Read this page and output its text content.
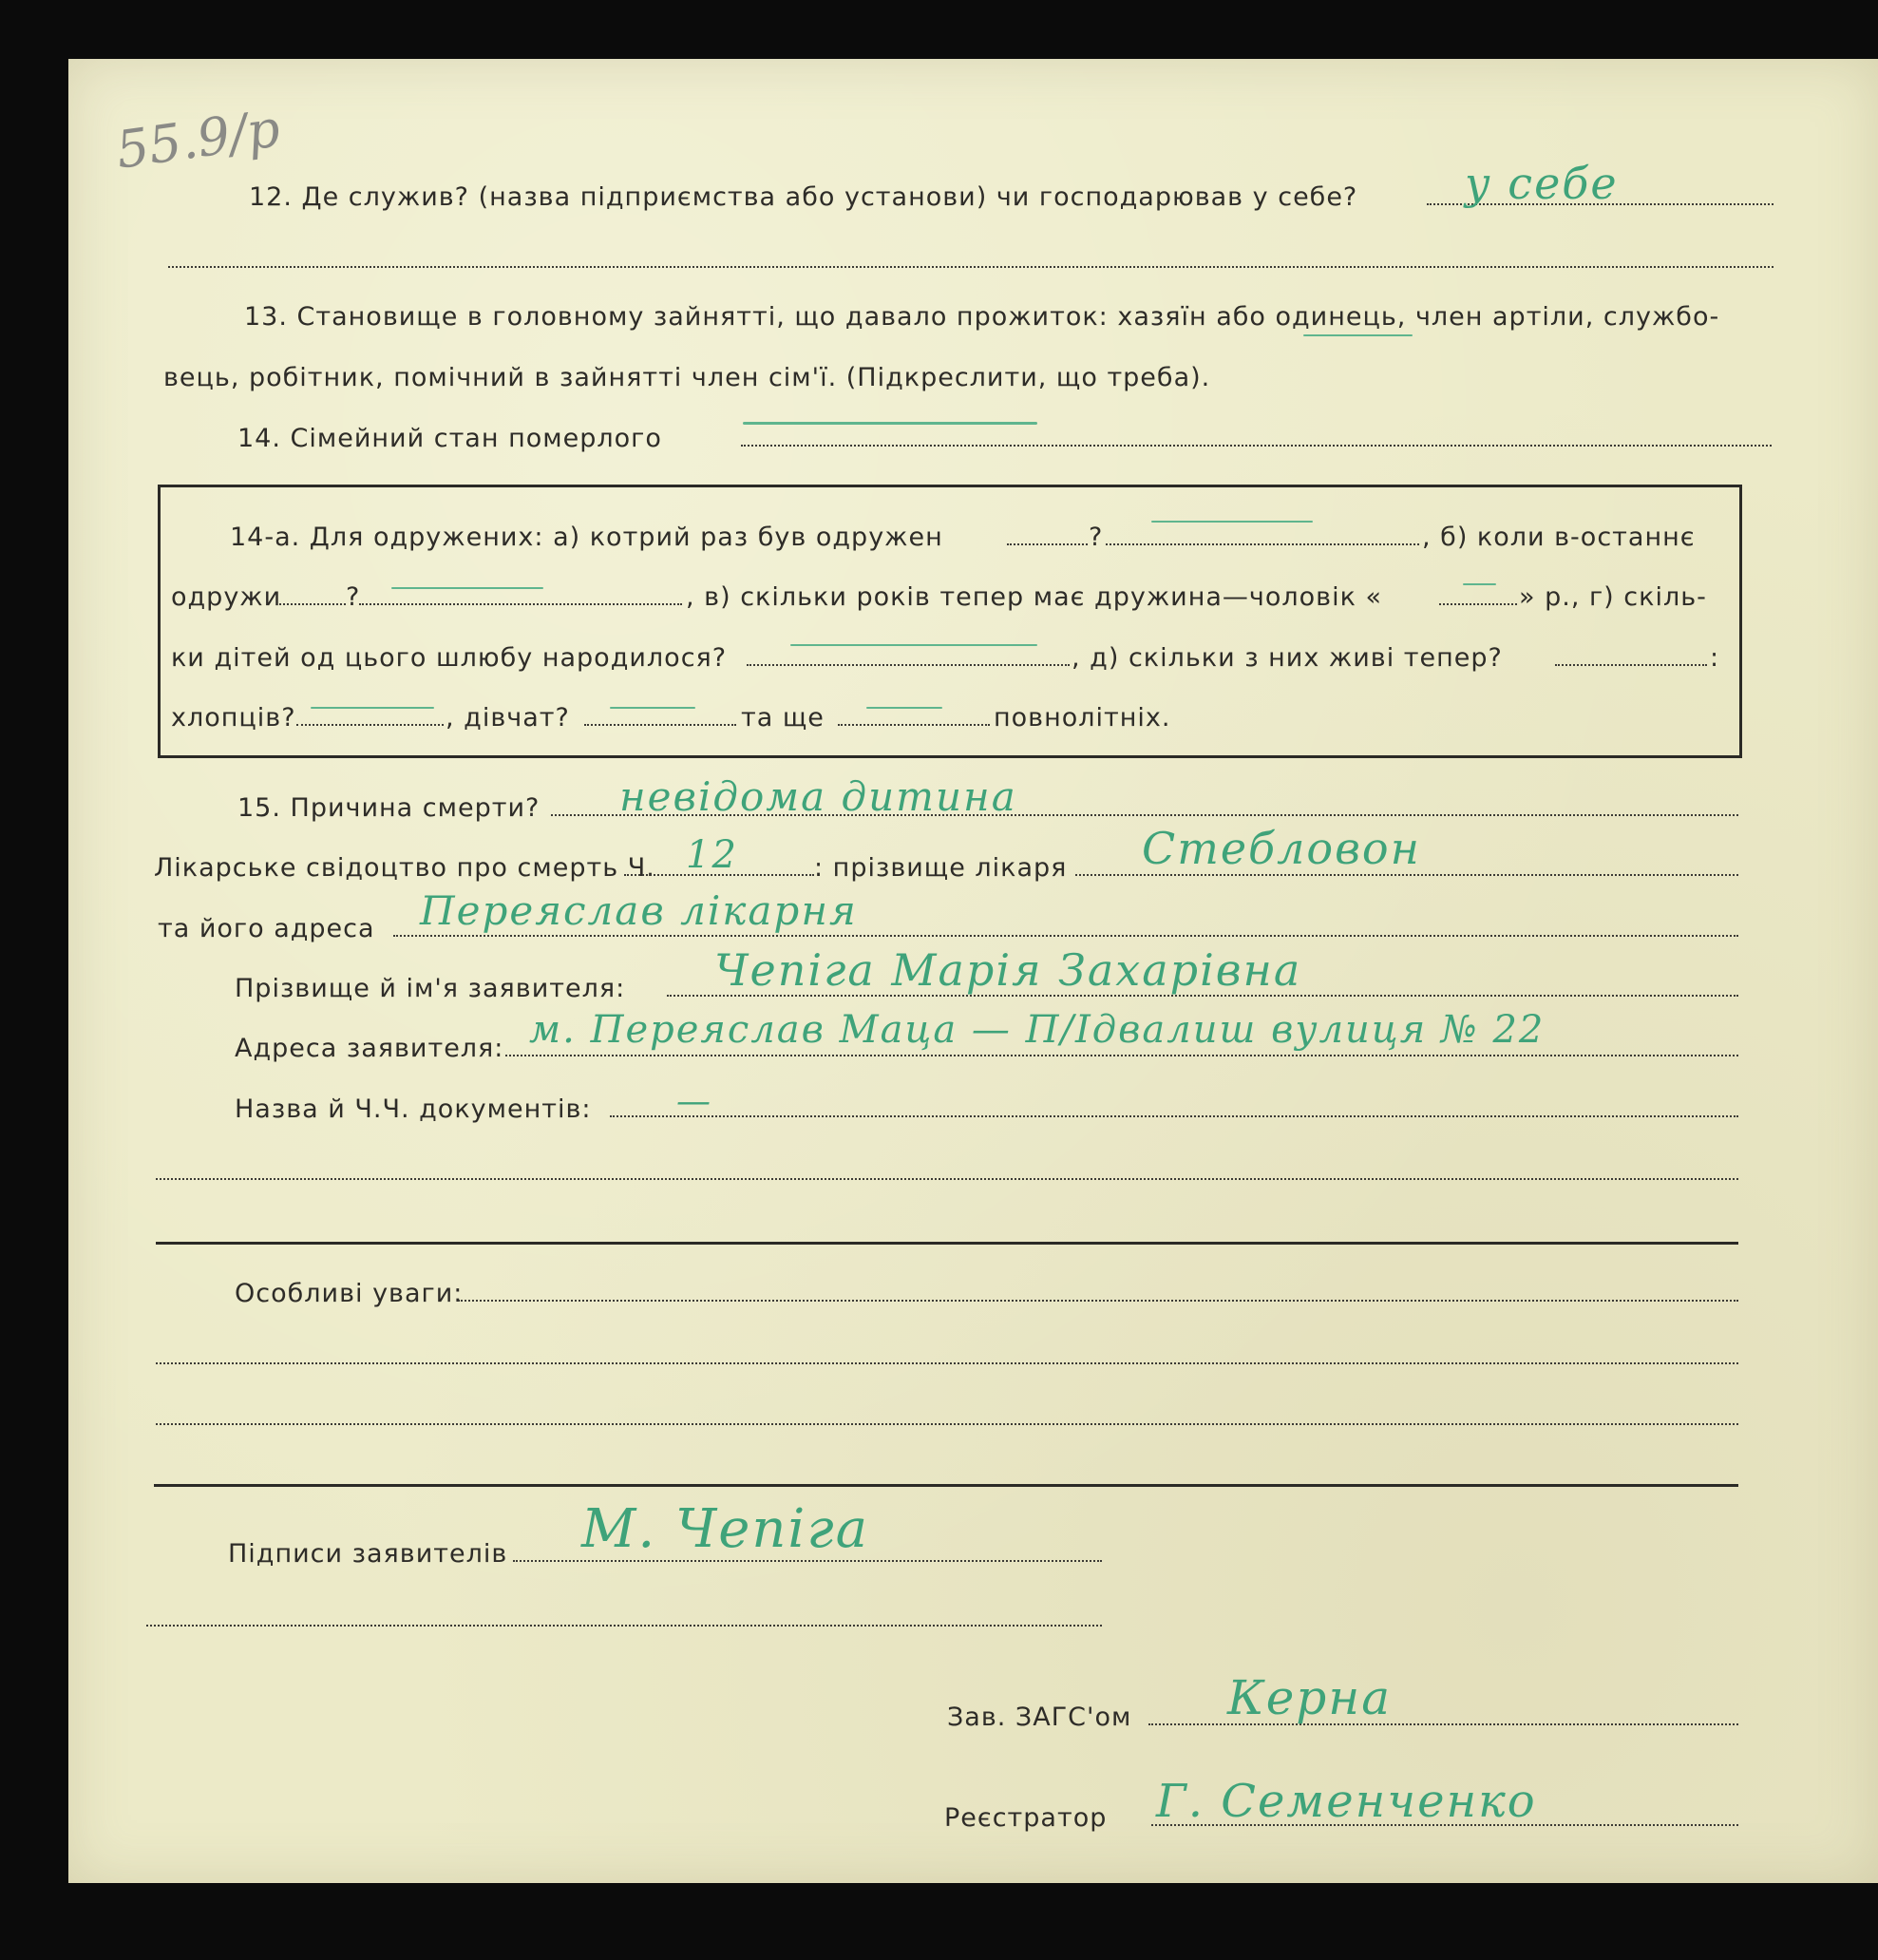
55.9/р
12. Де служив? (назва підприємства або установи) чи господарював у себе? у себе
13. Становище в головному зайнятті, що давало прожиток: хазяїн або одинець, член артіли, службо-
вець, робітник, помічний в зайнятті член сім'ї. (Підкреслити, що треба).
14. Сімейний стан померлого
14-а. Для одружених: а) котрий раз був одружен	?	, б) коли в-останнє
одружи	?	, в) скільки років тепер має дружина—чоловік «	» р., г) скіль-
ки дітей од цього шлюбу народилося?	, д) скільки з них живі тепер?	:
хлопців?	, дівчат?	та ще	повнолітніх.
15. Причина смерти? невідома дитина
Лікарське свідоцтво про смерть Ч. 12	: прізвище лікаря Стебловон
та його адреса Переяслав лікарня
Прізвище й ім'я заявителя: Чепіга Марія Захарівна
Адреса заявителя: м. Переяслав Маца — П/Ідвалиш вулиця № 22
Назва й Ч.Ч. документів: —
Особливі уваги:
Підписи заявителів М. Чепіга
Зав. ЗАГС'ом Керна
Реєстратор Г. Семенченко
